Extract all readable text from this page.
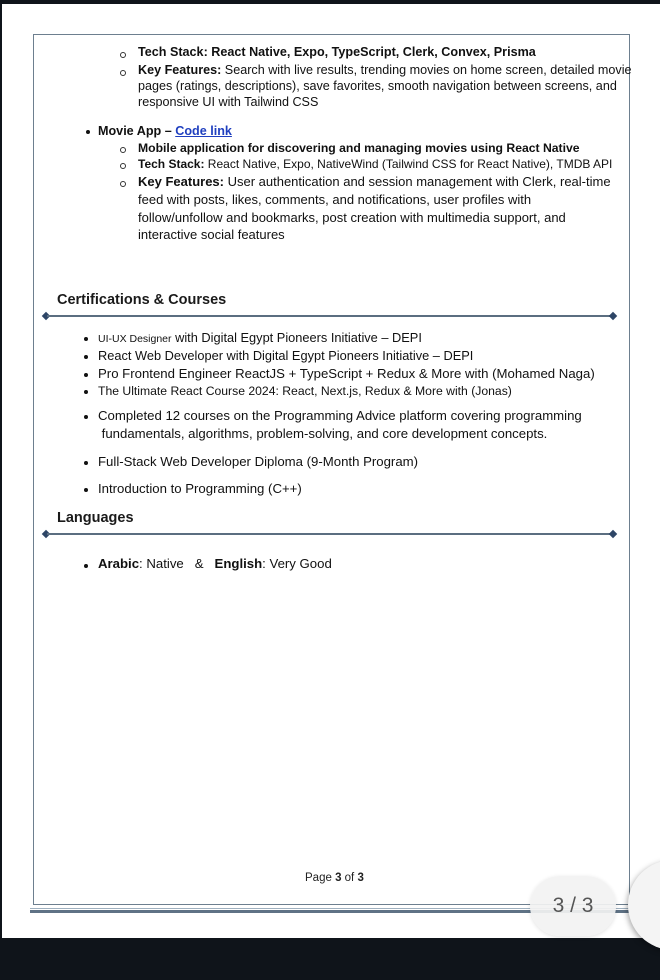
Tech Stack: React Native, Expo, TypeScript, Clerk, Convex, Prisma
Key Features: Search with live results, trending movies on home screen, detailed movie
pages (ratings, descriptions), save favorites, smooth navigation between screens, and
responsive UI with Tailwind CSS
Movie App – Code link
Mobile application for discovering and managing movies using React Native
Tech Stack: React Native, Expo, NativeWind (Tailwind CSS for React Native), TMDB API
Key Features: User authentication and session management with Clerk, real-time
feed with posts, likes, comments, and notifications, user profiles with
follow/unfollow and bookmarks, post creation with multimedia support, and
interactive social features
Certifications & Courses
UI-UX Designer with Digital Egypt Pioneers Initiative – DEPI
React Web Developer with Digital Egypt Pioneers Initiative – DEPI
Pro Frontend Engineer ReactJS + TypeScript + Redux & More with (Mohamed Naga)
The Ultimate React Course 2024: React, Next.js, Redux & More with (Jonas)
Completed 12 courses on the Programming Advice platform covering programming
fundamentals, algorithms, problem-solving, and core development concepts.
Full-Stack Web Developer Diploma (9-Month Program)
Introduction to Programming (C++)
Languages
Arabic: Native   &   English: Very Good
Page 3 of 3
3 / 3
